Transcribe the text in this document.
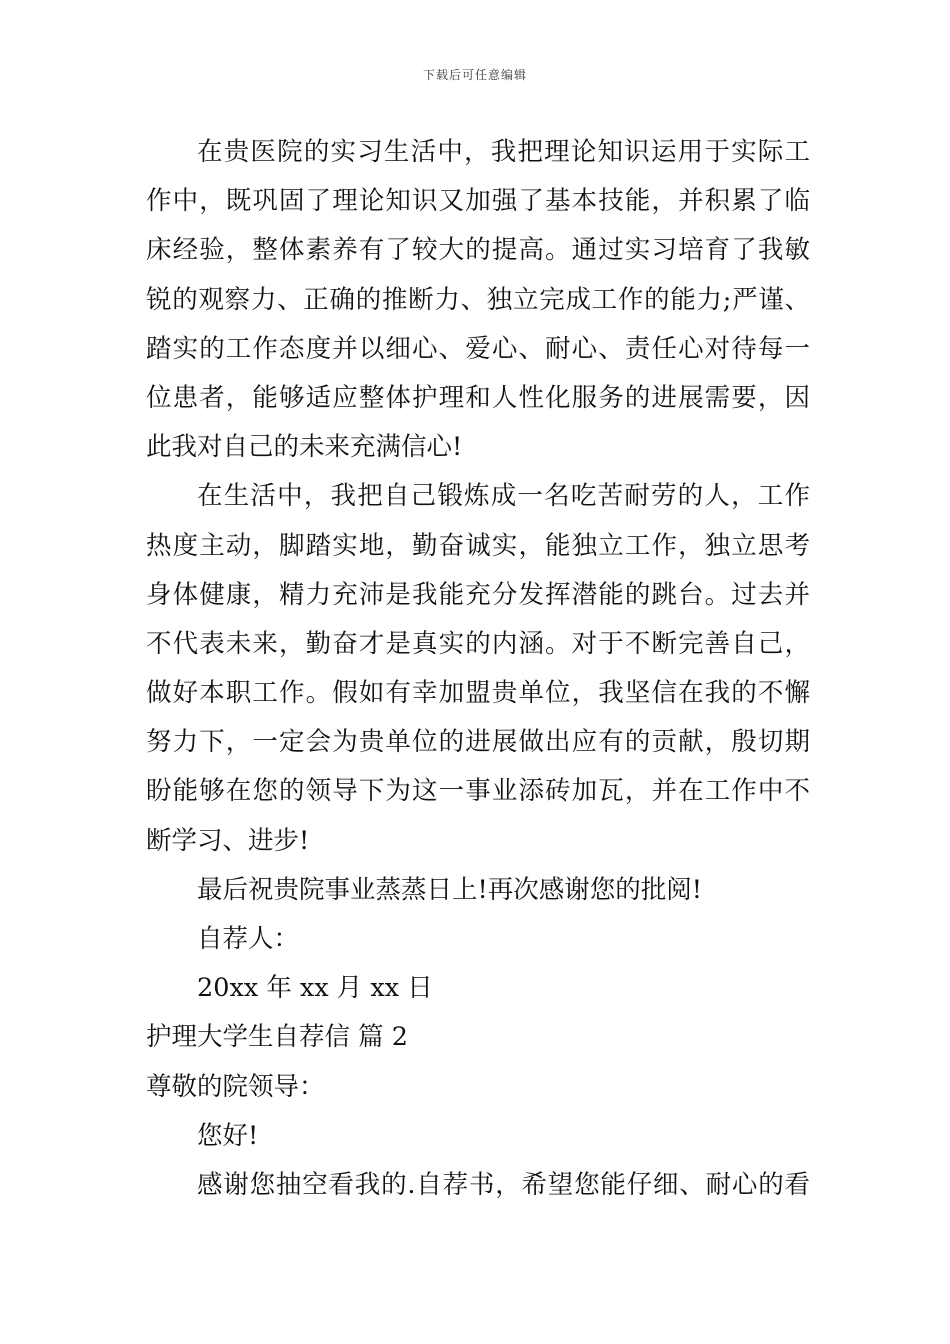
下载后可任意编辑
在贵医院的实习生活中，我把理论知识运用于实际工
作中，既巩固了理论知识又加强了基本技能，并积累了临
床经验，整体素养有了较大的提高。通过实习培育了我敏
锐的观察力、正确的推断力、独立完成工作的能力;严谨、
踏实的工作态度并以细心、爱心、耐心、责任心对待每一
位患者，能够适应整体护理和人性化服务的进展需要，因
此我对自己的未来充满信心!
在生活中，我把自己锻炼成一名吃苦耐劳的人，工作
热度主动，脚踏实地，勤奋诚实，能独立工作，独立思考
身体健康，精力充沛是我能充分发挥潜能的跳台。过去并
不代表未来，勤奋才是真实的内涵。对于不断完善自己，
做好本职工作。假如有幸加盟贵单位，我坚信在我的不懈
努力下，一定会为贵单位的进展做出应有的贡献，殷切期
盼能够在您的领导下为这一事业添砖加瓦，并在工作中不
断学习、进步!
最后祝贵院事业蒸蒸日上!再次感谢您的批阅!
自荐人：
20xx 年 xx 月 xx 日
护理大学生自荐信 篇 2
尊敬的院领导：
您好!
感谢您抽空看我的.自荐书，希望您能仔细、耐心的看
